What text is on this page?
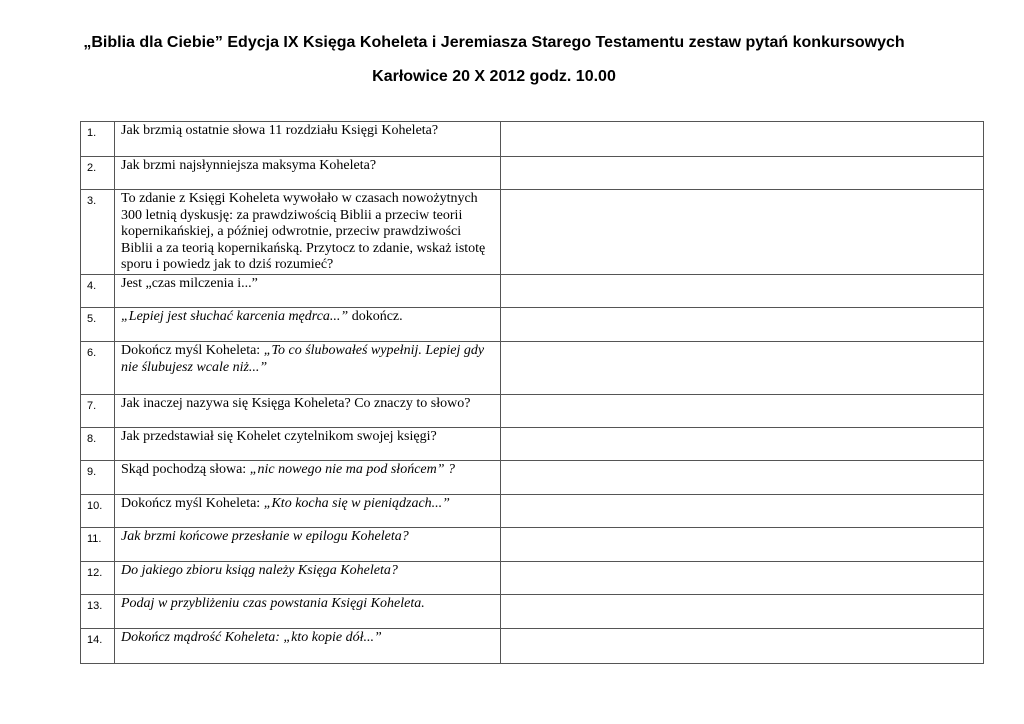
„Biblia dla Ciebie” Edycja IX Księga Koheleta i Jeremiasza Starego Testamentu zestaw pytań konkursowych
Karłowice 20 X 2012 godz. 10.00
1.	Jak brzmią ostatnie słowa 11 rozdziału Księgi Koheleta?	
2.	Jak brzmi najsłynniejsza maksyma Koheleta?	
3.	To zdanie z Księgi Koheleta wywołało w czasach nowożytnych 300 letnią dyskusję: za prawdziwością Biblii a przeciw teorii kopernikańskiej, a później odwrotnie, przeciw prawdziwości Biblii a za teorią kopernikańską. Przytocz to zdanie, wskaż istotę sporu i powiedz jak to dziś rozumieć?	
4.	Jest „czas milczenia i...”	
5.	„Lepiej jest słuchać karcenia mędrca...” dokończ.	
6.	Dokończ myśl Koheleta: „To co ślubowałeś wypełnij. Lepiej gdy nie ślubujesz wcale niż...”	
7.	Jak inaczej nazywa się Księga Koheleta? Co znaczy to słowo?	
8.	Jak przedstawiał się Kohelet czytelnikom swojej księgi?	
9.	Skąd pochodzą słowa: „nic nowego nie ma pod słońcem” ?	
10.	Dokończ myśl Koheleta: „Kto kocha się w pieniądzach...”	
11.	Jak brzmi końcowe przesłanie w epilogu Koheleta?	
12.	Do jakiego zbioru ksiąg należy Księga Koheleta?	
13.	Podaj w przybliżeniu czas powstania Księgi Koheleta.	
14.	Dokończ mądrość Koheleta: „kto kopie dół...”	
